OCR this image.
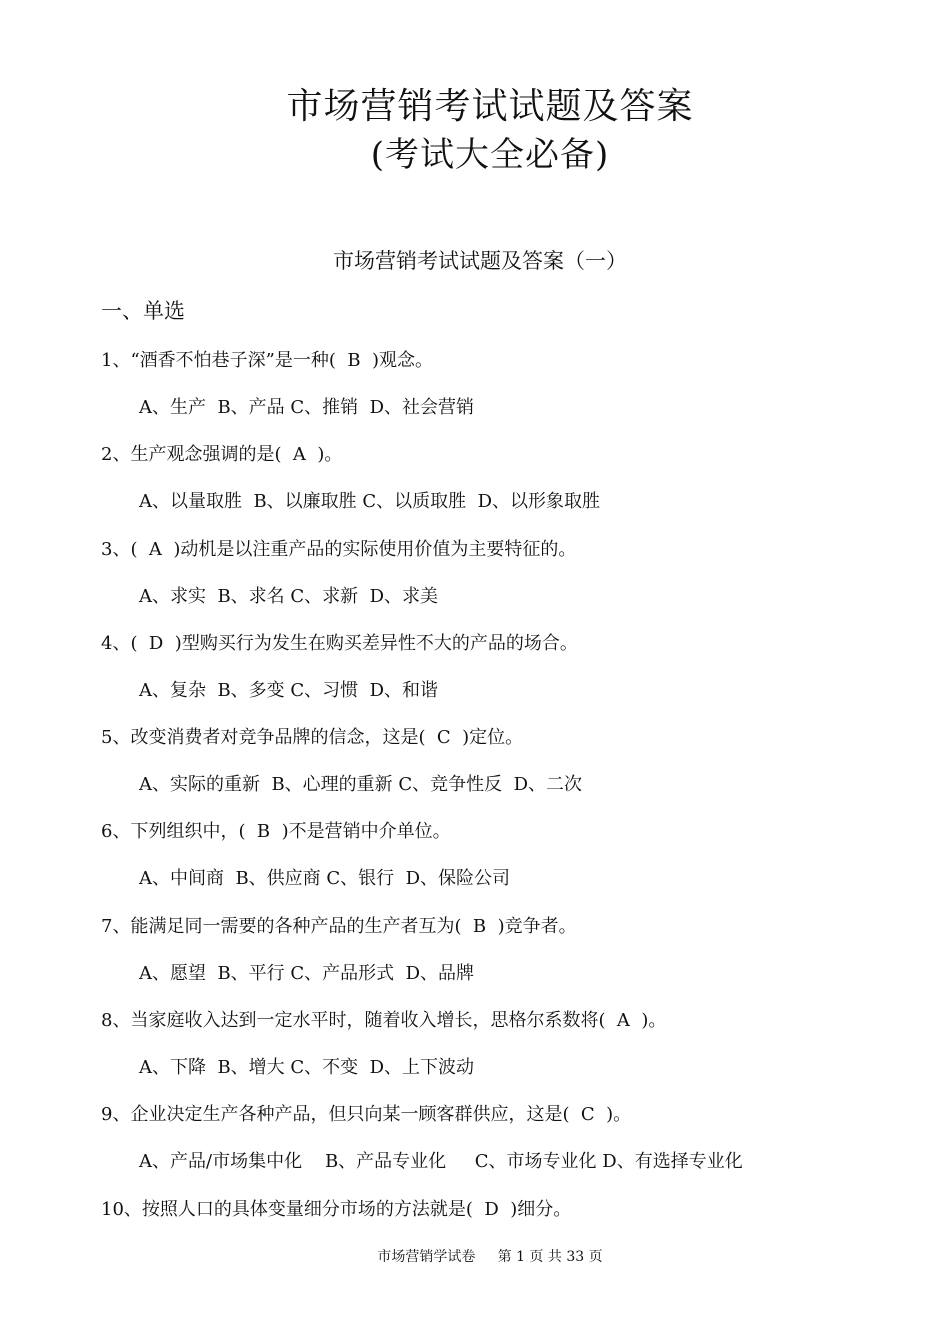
市场营销考试试题及答案
(考试大全必备)
市场营销考试试题及答案（一）
一、单选
1、“酒香不怕巷子深”是一种(  B  )观念。
A、生产  B、产品 C、推销  D、社会营销
2、生产观念强调的是(  A  )。
A、以量取胜  B、以廉取胜 C、以质取胜  D、以形象取胜
3、(  A  )动机是以注重产品的实际使用价值为主要特征的。
A、求实  B、求名 C、求新  D、求美
4、(  D  )型购买行为发生在购买差异性不大的产品的场合。
A、复杂  B、多变 C、习惯  D、和谐
5、改变消费者对竞争品牌的信念，这是(  C  )定位。
A、实际的重新  B、心理的重新 C、竞争性反  D、二次
6、下列组织中，(  B  )不是营销中介单位。
A、中间商  B、供应商 C、银行  D、保险公司
7、能满足同一需要的各种产品的生产者互为(  B  )竞争者。
A、愿望  B、平行 C、产品形式  D、品牌
8、当家庭收入达到一定水平时，随着收入增长，思格尔系数将(  A  )。
A、下降  B、增大 C、不变  D、上下波动
9、企业决定生产各种产品，但只向某一顾客群供应，这是(  C  )。
A、产品/市场集中化    B、产品专业化     C、市场专业化 D、有选择专业化
10、按照人口的具体变量细分市场的方法就是(  D  )细分。
市场营销学试卷     第 1 页 共 33 页
